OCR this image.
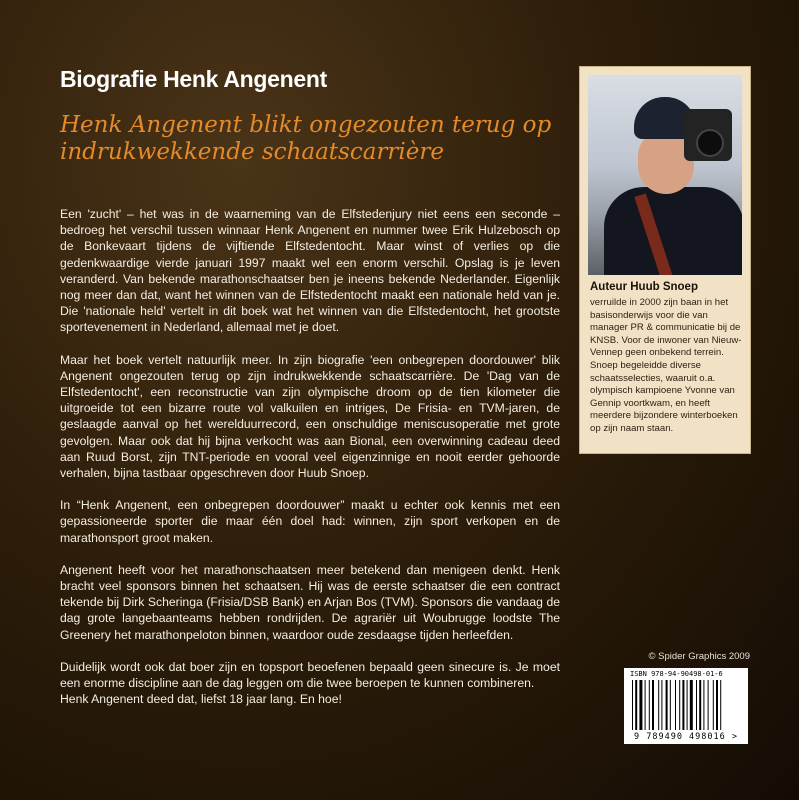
Biografie Henk Angenent
Henk Angenent blikt ongezouten terug op indrukwekkende schaatscarrière

Een 'zucht' – het was in de waarneming van de Elfstedenjury niet eens een seconde – bedroeg het verschil tussen winnaar Henk Angenent en nummer twee Erik Hulzebosch op de Bonkevaart tijdens de vijftiende Elfstedentocht. Maar winst of verlies op die gedenkwaardige vierde januari 1997 maakt wel een enorm verschil. Opslag is je leven veranderd. Van bekende marathonschaatser ben je ineens bekende Nederlander. Eigenlijk nog meer dan dat, want het winnen van de Elfstedentocht maakt een nationale held van je. Die 'nationale held' vertelt in dit boek wat het winnen van die Elfstedentocht, het grootste sportevenement in Nederland, allemaal met je doet.

Maar het boek vertelt natuurlijk meer. In zijn biografie 'een onbegrepen doordouwer' blik Angenent ongezouten terug op zijn indrukwekkende schaatscarrière. De 'Dag van de Elfstedentocht', een reconstructie van zijn olympische droom op de tien kilometer die uitgroeide tot een bizarre route vol valkuilen en intriges, De Frisia- en TVM-jaren, de geslaagde aanval op het werelduurrecord, een onschuldige meniscusoperatie met grote gevolgen. Maar ook dat hij bijna verkocht was aan Bional, een overwinning cadeau deed aan Ruud Borst, zijn TNT-periode en vooral veel eigenzinnige en nooit eerder gehoorde verhalen, bijna tastbaar opgeschreven door Huub Snoep.

In “Henk Angenent, een onbegrepen doordouwer” maakt u echter ook kennis met een gepassioneerde sporter die maar één doel had: winnen, zijn sport verkopen en de marathonsport groot maken.

Angenent heeft voor het marathonschaatsen meer betekend dan menigeen denkt. Henk bracht veel sponsors binnen het schaatsen. Hij was de eerste schaatser die een contract tekende bij Dirk Scheringa (Frisia/DSB Bank) en Arjan Bos (TVM). Sponsors die vandaag de dag grote langebaanteams hebben rondrijden. De agrariër uit Woubrugge loodste The Greenery het marathonpeloton binnen, waardoor oude zesdaagse tijden herleefden.

Duidelijk wordt ook dat boer zijn en topsport beoefenen bepaald geen sinecure is. Je moet een enorme discipline aan de dag leggen om die twee beroepen te kunnen combineren.

Henk Angenent deed dat, liefst 18 jaar lang. En hoe!

Auteur Huub Snoep
verruilde in 2000 zijn baan in het basisonderwijs voor die van manager PR & communicatie bij de KNSB. Voor de inwoner van Nieuw-Vennep geen onbekend terrein. Snoep begeleidde diverse schaatsselecties, waaruit o.a. olympisch kampioene Yvonne van Gennip voortkwam, en heeft meerdere bijzondere winterboeken op zijn naam staan.
© Spider Graphics 2009
ISBN 978-94-90498-01-6
9 789490 498016 >
